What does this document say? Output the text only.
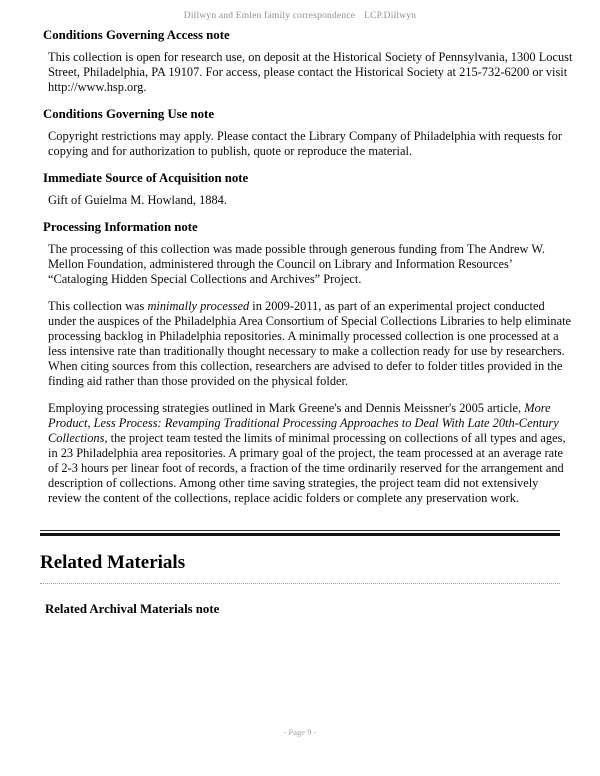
Dillwyn and Emlen family correspondence LCP.Dillwyn
Conditions Governing Access note

This collection is open for research use, on deposit at the Historical Society of Pennsylvania, 1300 Locust Street, Philadelphia, PA 19107. For access, please contact the Historical Society at 215-732-6200 or visit http://www.hsp.org.

Conditions Governing Use note

Copyright restrictions may apply. Please contact the Library Company of Philadelphia with requests for copying and for authorization to publish, quote or reproduce the material.

Immediate Source of Acquisition note

Gift of Guielma M. Howland, 1884.

Processing Information note

The processing of this collection was made possible through generous funding from The Andrew W. Mellon Foundation, administered through the Council on Library and Information Resources’ “Cataloging Hidden Special Collections and Archives” Project.

This collection was minimally processed in 2009-2011, as part of an experimental project conducted under the auspices of the Philadelphia Area Consortium of Special Collections Libraries to help eliminate processing backlog in Philadelphia repositories. A minimally processed collection is one processed at a less intensive rate than traditionally thought necessary to make a collection ready for use by researchers. When citing sources from this collection, researchers are advised to defer to folder titles provided in the finding aid rather than those provided on the physical folder.

Employing processing strategies outlined in Mark Greene's and Dennis Meissner's 2005 article, More Product, Less Process: Revamping Traditional Processing Approaches to Deal With Late 20th-Century Collections, the project team tested the limits of minimal processing on collections of all types and ages, in 23 Philadelphia area repositories. A primary goal of the project, the team processed at an average rate of 2-3 hours per linear foot of records, a fraction of the time ordinarily reserved for the arrangement and description of collections. Among other time saving strategies, the project team did not extensively review the content of the collections, replace acidic folders or complete any preservation work.

Related Materials
Related Archival Materials note
- Page 9 -
